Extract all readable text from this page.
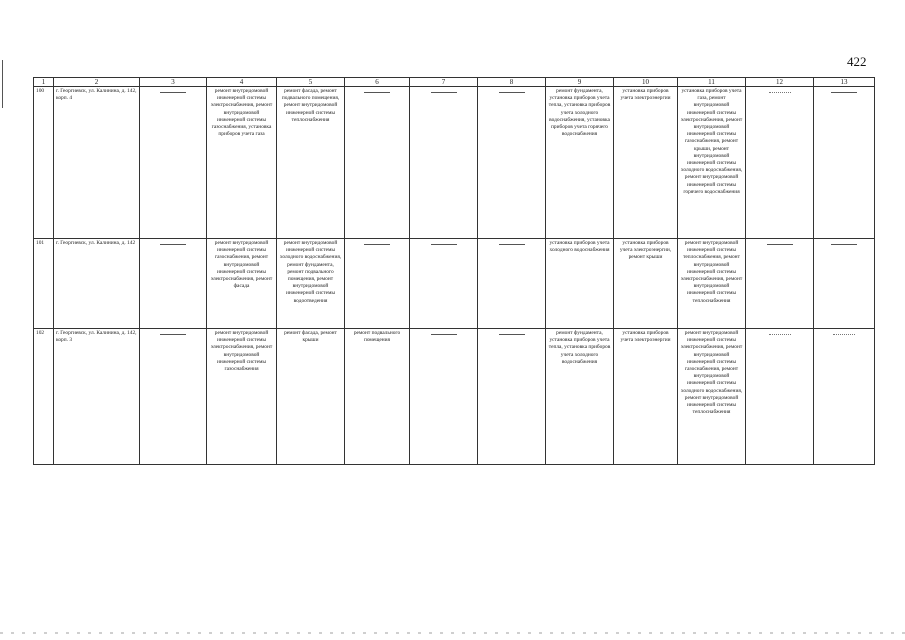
422
1	2	3	4	5	6	7	8	9	10	11	12	13
100	г. Георгиевск, ул. Калинина, д. 142, корп. 4		ремонт внутридомовой инженерной системы электроснабжения, ремонт внутридомовой инженерной системы газоснабжения, установка приборов учета газа	ремонт фасада, ремонт подвального помещения, ремонт внутридомовой инженерной системы теплоснабжения				ремонт фундамента, установка приборов учета тепла, установка приборов учета холодного водоснабжения, установка приборов учета горячего водоснабжения	установка приборов учета электроэнергии	установка приборов учета газа, ремонт внутридомовой инженерной системы электроснабжения, ремонт внутридомовой инженерной системы газоснабжения, ремонт крыши, ремонт внутридомовой инженерной системы холодного водоснабжения, ремонт внутридомовой инженерной системы горячего водоснабжения	

101	г. Георгиевск, ул. Калинина, д. 142		ремонт внутридомовой инженерной системы газоснабжения, ремонт внутридомовой инженерной системы электроснабжения, ремонт фасада	ремонт внутридомовой инженерной системы холодного водоснабжения, ремонт фундамента, ремонт подвального помещения, ремонт внутридомовой инженерной системы водоотведения				установка приборов учета холодного водоснабжения	установка приборов учета электроэнергии, ремонт крыши	ремонт внутридомовой инженерной системы теплоснабжения, ремонт внутридомовой инженерной системы электроснабжения, ремонт внутридомовой инженерной системы теплоснабжения	

102	г. Георгиевск, ул. Калинина, д. 142, корп. 3		ремонт внутридомовой инженерной системы электроснабжения, ремонт внутридомовой инженерной системы газоснабжения	ремонт фасада, ремонт крыши	ремонт подвального помещения			ремонт фундамента, установка приборов учета тепла, установка приборов учета холодного водоснабжения	установка приборов учета электроэнергии	ремонт внутридомовой инженерной системы электроснабжения, ремонт внутридомовой инженерной системы газоснабжения, ремонт внутридомовой инженерной системы холодного водоснабжения, ремонт внутридомовой инженерной системы теплоснабжения	
